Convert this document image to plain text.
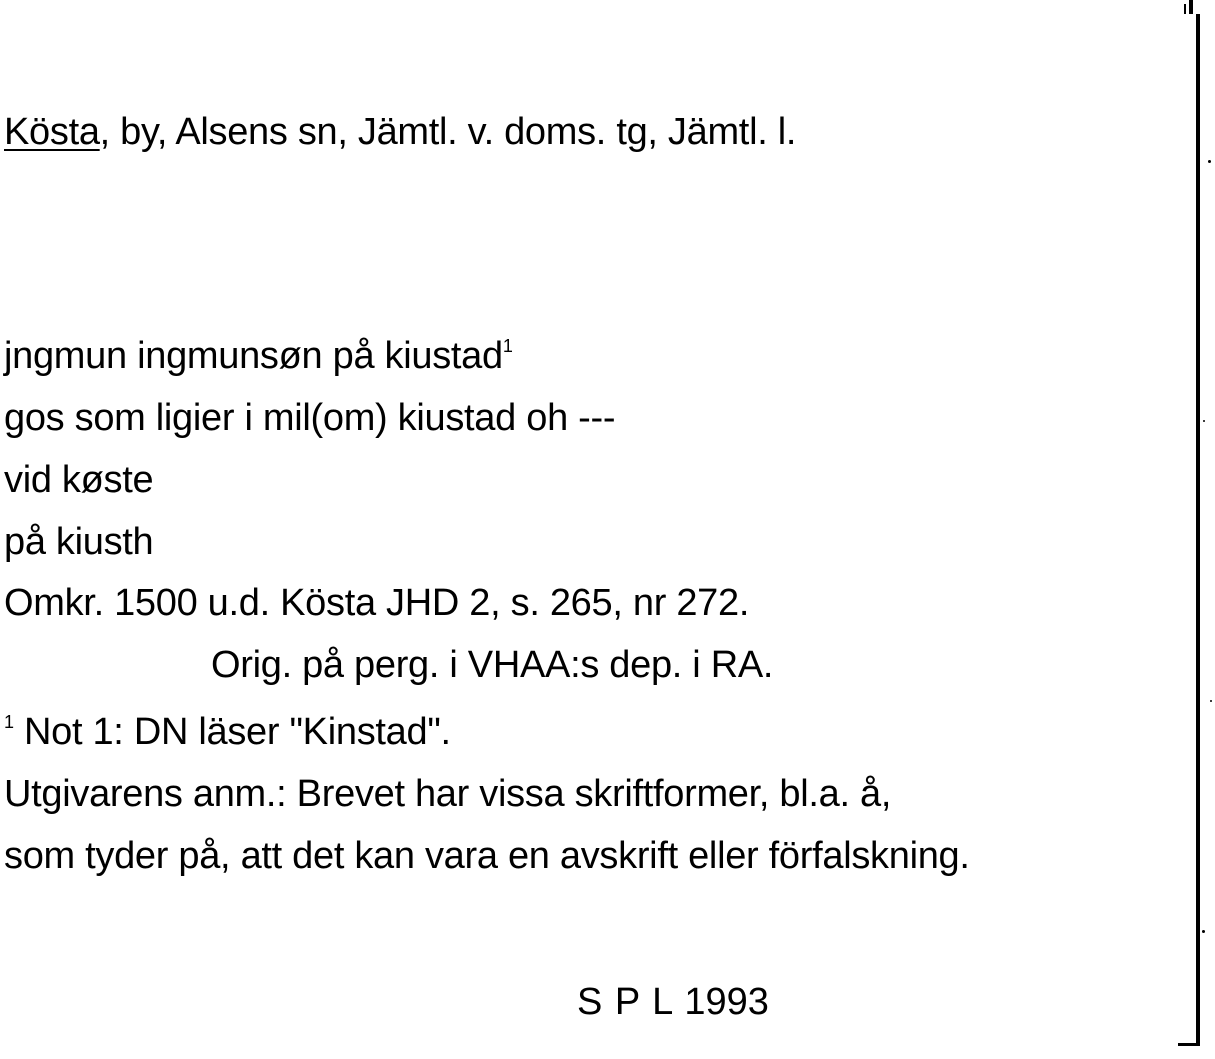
Kösta, by, Alsens sn, Jämtl. v. doms. tg, Jämtl. l.
jngmun ingmunsøn på kiustad$^1$
gos som ligier i mil(om) kiustad oh ---
vid køste
på kiusth
Omkr. 1500 u.d. Kösta JHD 2, s. 265, nr 272.
Orig. på perg. i VHAA:s dep. i RA.
$^1$ Not 1: DN läser "Kinstad".
Utgivarens anm.: Brevet har vissa skriftformer, bl.a. å,
som tyder på, att det kan vara en avskrift eller förfalskning.
S P L 1993
